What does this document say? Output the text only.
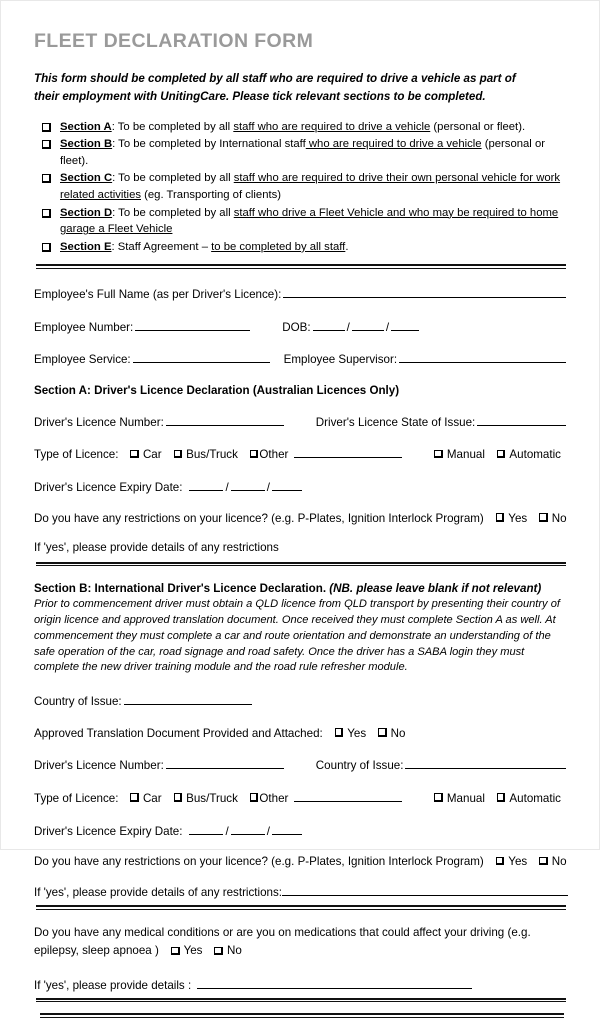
FLEET DECLARATION FORM
This form should be completed by all staff who are required to drive a vehicle as part of their employment with UnitingCare. Please tick relevant sections to be completed.
Section A: To be completed by all staff who are required to drive a vehicle (personal or fleet).
Section B: To be completed by International staff who are required to drive a vehicle (personal or fleet).
Section C: To be completed by all staff who are required to drive their own personal vehicle for work related activities (eg. Transporting of clients)
Section D: To be completed by all staff who drive a Fleet Vehicle and who may be required to home garage a Fleet Vehicle
Section E: Staff Agreement – to be completed by all staff.
Employee's Full Name (as per Driver's Licence):
Employee Number:	DOB:	/	/
Employee Service:	Employee Supervisor:
Section A: Driver's Licence Declaration (Australian Licences Only)
Driver's Licence Number:	Driver's Licence State of Issue:
Type of Licence: Car Bus/Truck Other	Manual Automatic
Driver's Licence Expiry Date:	/	/
Do you have any restrictions on your licence? (e.g. P-Plates, Ignition Interlock Program) Yes No
If 'yes', please provide details of any restrictions
Section B: International Driver's Licence Declaration. (NB. please leave blank if not relevant)
Prior to commencement driver must obtain a QLD licence from QLD transport by presenting their country of origin licence and approved translation document. Once received they must complete Section A as well. At commencement they must complete a car and route orientation and demonstrate an understanding of the safe operation of the car, road signage and road safety. Once the driver has a SABA login they must complete the new driver training module and the road rule refresher module.
Country of Issue:
Approved Translation Document Provided and Attached: Yes No
Driver's Licence Number:	Country of Issue:
Type of Licence: Car Bus/Truck Other	Manual Automatic
Driver's Licence Expiry Date:	/	/
Do you have any restrictions on your licence? (e.g. P-Plates, Ignition Interlock Program) Yes No
If 'yes', please provide details of any restrictions:
Do you have any medical conditions or are you on medications that could affect your driving (e.g. epilepsy, sleep apnoea ) Yes No
If 'yes', please provide details :
